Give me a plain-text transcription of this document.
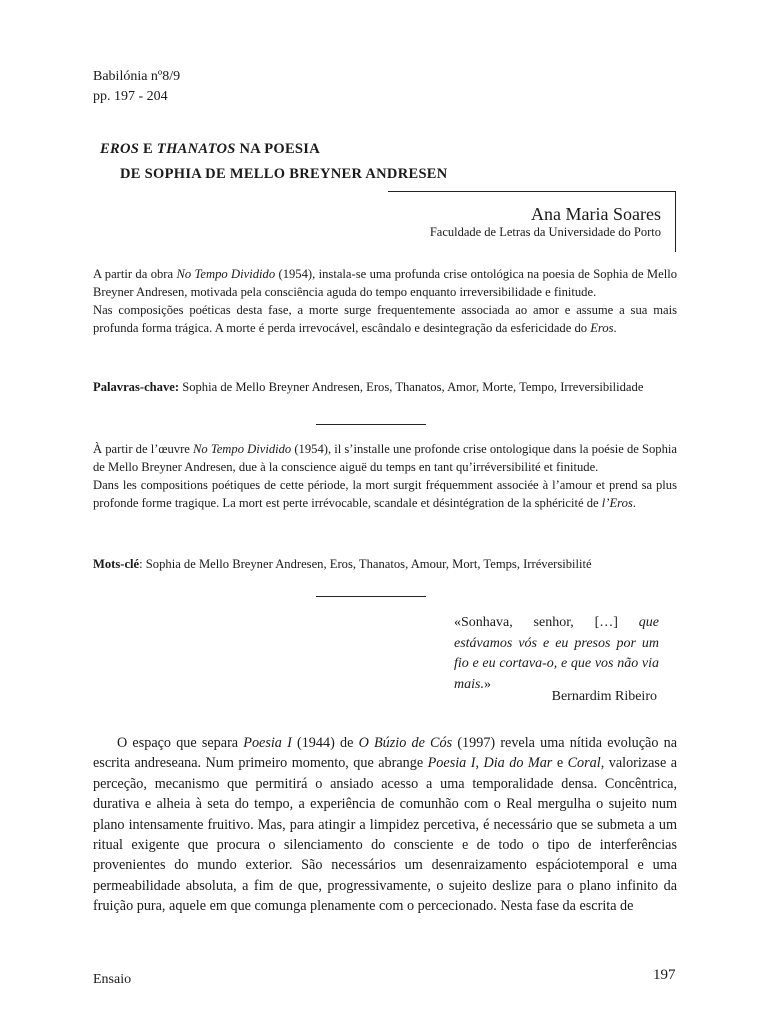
Babilónia nº8/9
pp. 197 - 204
EROS E THANATOS NA POESIA
DE SOPHIA DE MELLO BREYNER ANDRESEN
Ana Maria Soares
Faculdade de Letras da Universidade do Porto

A partir da obra No Tempo Dividido (1954), instala-se uma profunda crise ontológica na poesia de Sophia de Mello Breyner Andresen, motivada pela consciência aguda do tempo enquanto irreversibilidade e finitude.

Nas composições poéticas desta fase, a morte surge frequentemente associada ao amor e assume a sua mais profunda forma trágica. A morte é perda irrevocável, escândalo e desintegração da esfericidade do Eros.

Palavras-chave: Sophia de Mello Breyner Andresen, Eros, Thanatos, Amor, Morte, Tempo, Irreversibilidade

À partir de l’œuvre No Tempo Dividido (1954), il s’installe une profonde crise ontologique dans la poésie de Sophia de Mello Breyner Andresen, due à la conscience aiguë du temps en tant qu’irréversibilité et finitude.

Dans les compositions poétiques de cette période, la mort surgit fréquemment associée à l’amour et prend sa plus profonde forme tragique. La mort est perte irrévocable, scandale et désintégration de la sphéricité de l’Eros.

Mots-clé: Sophia de Mello Breyner Andresen, Eros, Thanatos, Amour, Mort, Temps, Irréversibilité
«Sonhava, senhor, […] que estávamos vós e eu presos por um fio e eu cortava-o, e que vos não via mais.»
Bernardim Ribeiro

O espaço que separa Poesia I (1944) de O Búzio de Cós (1997) revela uma nítida evolução na escrita andreseana. Num primeiro momento, que abrange Poesia I, Dia do Mar e Coral, valorizase a perceção, mecanismo que permitirá o ansiado acesso a uma temporalidade densa. Concêntrica, durativa e alheia à seta do tempo, a experiência de comunhão com o Real mergulha o sujeito num plano intensamente fruitivo. Mas, para atingir a limpidez percetiva, é necessário que se submeta a um ritual exigente que procura o silenciamento do consciente e de todo o tipo de interferências provenientes do mundo exterior. São necessários um desenraizamento espáciotemporal e uma permeabilidade absoluta, a fim de que, progressivamente, o sujeito deslize para o plano infinito da fruição pura, aquele em que comunga plenamente com o percecionado. Nesta fase da escrita de

Ensaio	197
